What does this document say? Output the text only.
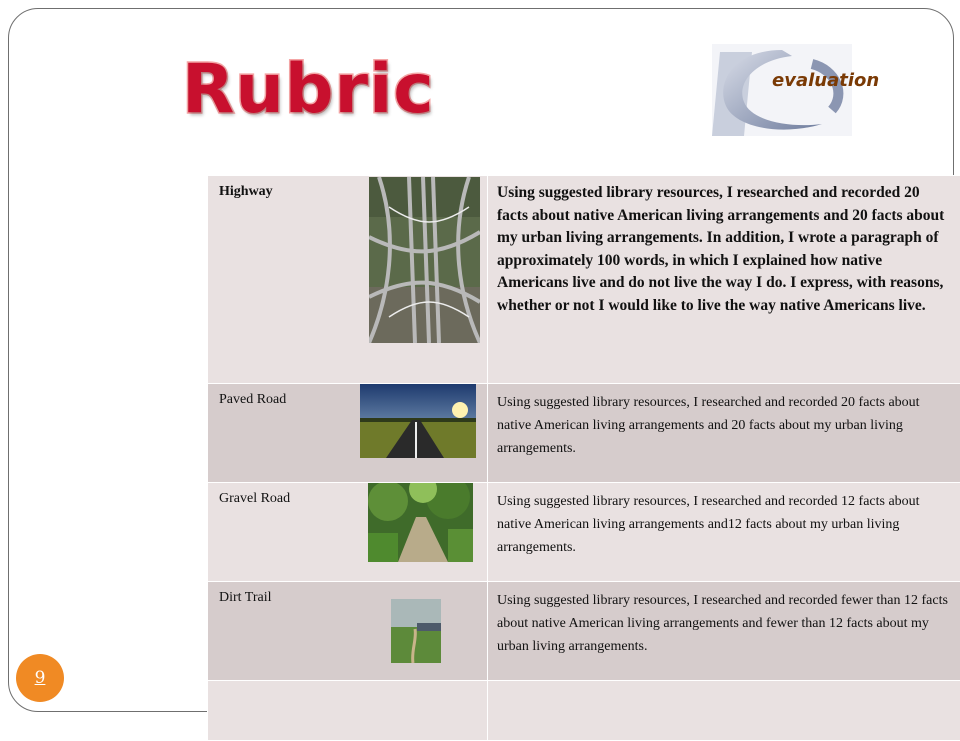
Rubric	evaluation
Highway	Using suggested library resources, I researched and recorded 20 facts about native American living arrangements and 20 facts about my urban living arrangements. In addition, I wrote a paragraph of approximately 100 words, in which I explained how native Americans live and do not live the way I do. I express, with reasons, whether or not I would like to live the way native Americans live.

Paved Road	Using suggested library resources, I researched and recorded 20 facts about native American living arrangements and 20 facts about my urban living arrangements.

Gravel Road	Using suggested library resources, I researched and recorded 12 facts about native American living arrangements and12 facts about my urban living arrangements.

Dirt Trail	Using suggested library resources, I researched and recorded fewer than 12 facts about native American living arrangements and fewer than 12 facts about my urban living arrangements.

9
